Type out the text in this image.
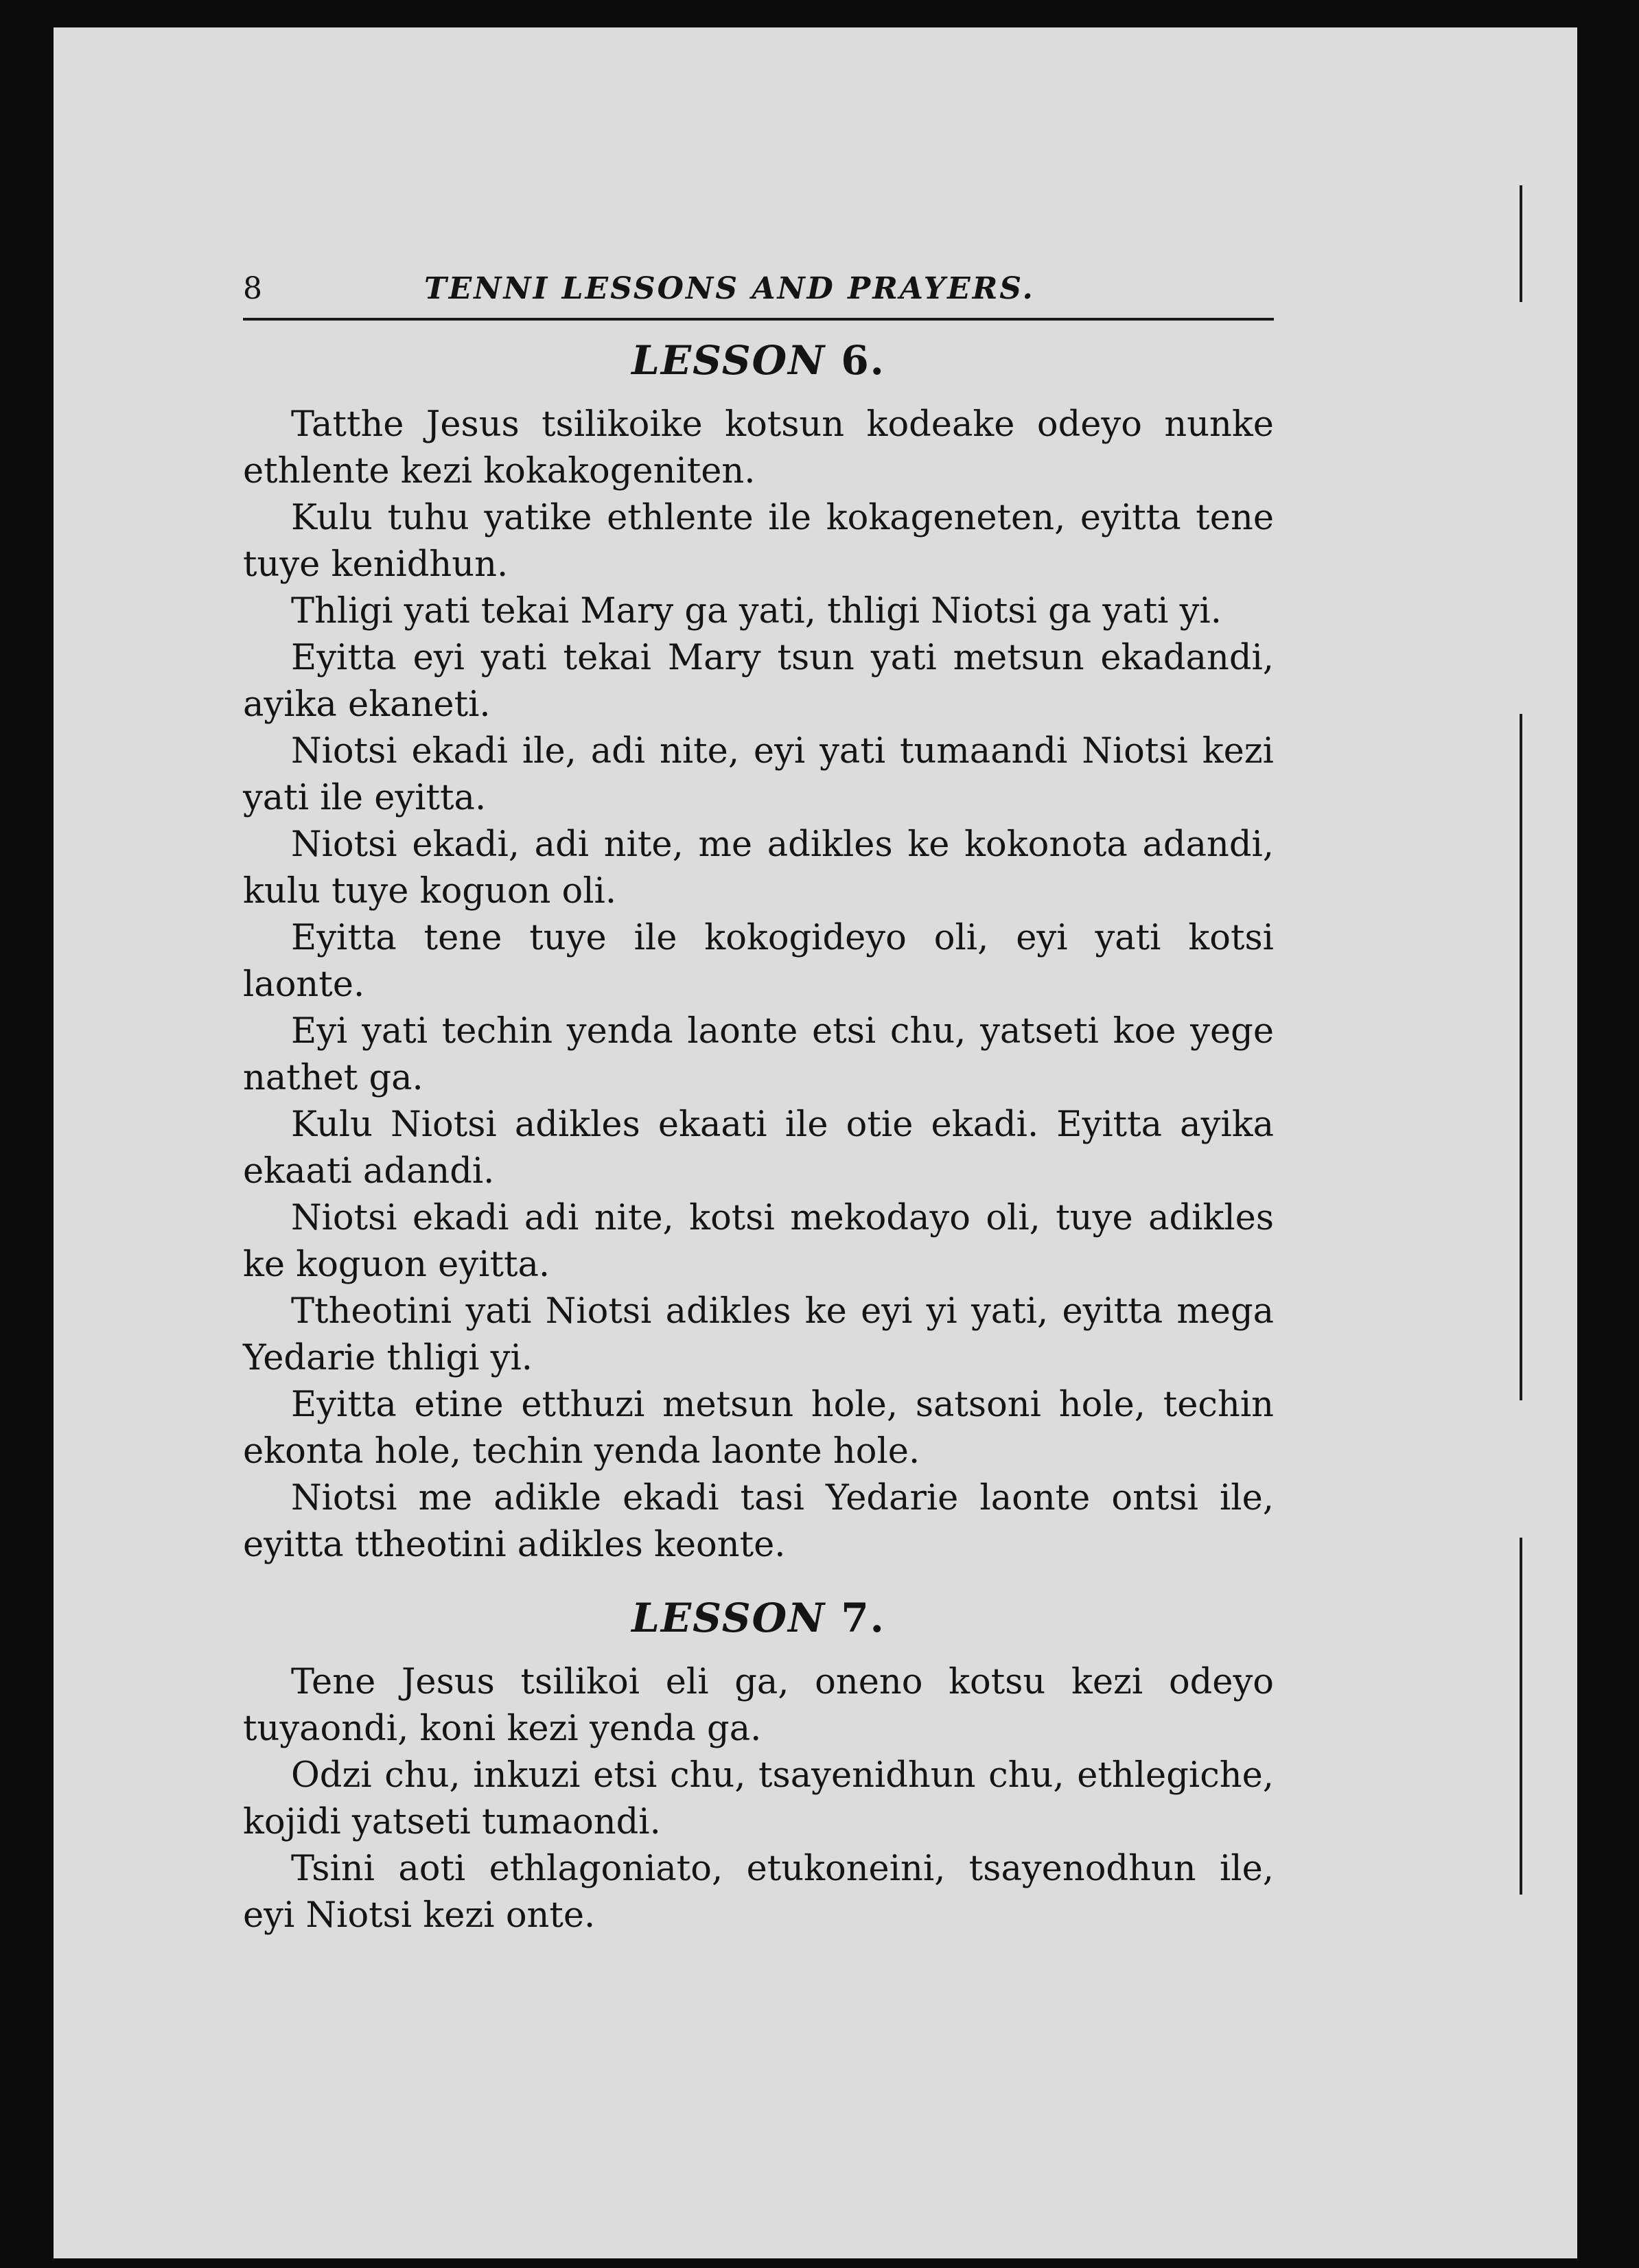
8	TENNI LESSONS AND PRAYERS.
LESSON 6.

Tatthe Jesus tsilikoike kotsun kodeake odeyo nunke ethlente kezi kokakogeniten.

Kulu tuhu yatike ethlente ile kokageneten, eyitta tene tuye kenidhun.

Thligi yati tekai Mary ga yati, thligi Niotsi ga yati yi.

Eyitta eyi yati tekai Mary tsun yati metsun ekadandi, ayika ekaneti.

Niotsi ekadi ile, adi nite, eyi yati tumaandi Niotsi kezi yati ile eyitta.

Niotsi ekadi, adi nite, me adikles ke kokonota adandi, kulu tuye koguon oli.

Eyitta tene tuye ile kokogideyo oli, eyi yati kotsi laonte.

Eyi yati techin yenda laonte etsi chu, yatseti koe yege nathet ga.

Kulu Niotsi adikles ekaati ile otie ekadi. Eyitta ayika ekaati adandi.

Niotsi ekadi adi nite, kotsi mekodayo oli, tuye adikles ke koguon eyitta.

Ttheotini yati Niotsi adikles ke eyi yi yati, eyitta mega Yedarie thligi yi.

Eyitta etine etthuzi metsun hole, satsoni hole, techin ekonta hole, techin yenda laonte hole.

Niotsi me adikle ekadi tasi Yedarie laonte ontsi ile, eyitta ttheotini adikles keonte.

LESSON 7.

Tene Jesus tsilikoi eli ga, oneno kotsu kezi odeyo tuyaondi, koni kezi yenda ga.

Odzi chu, inkuzi etsi chu, tsayenidhun chu, ethlegiche, kojidi yatseti tumaondi.

Tsini aoti ethlagoniato, etukoneini, tsayenodhun ile, eyi Niotsi kezi onte.
